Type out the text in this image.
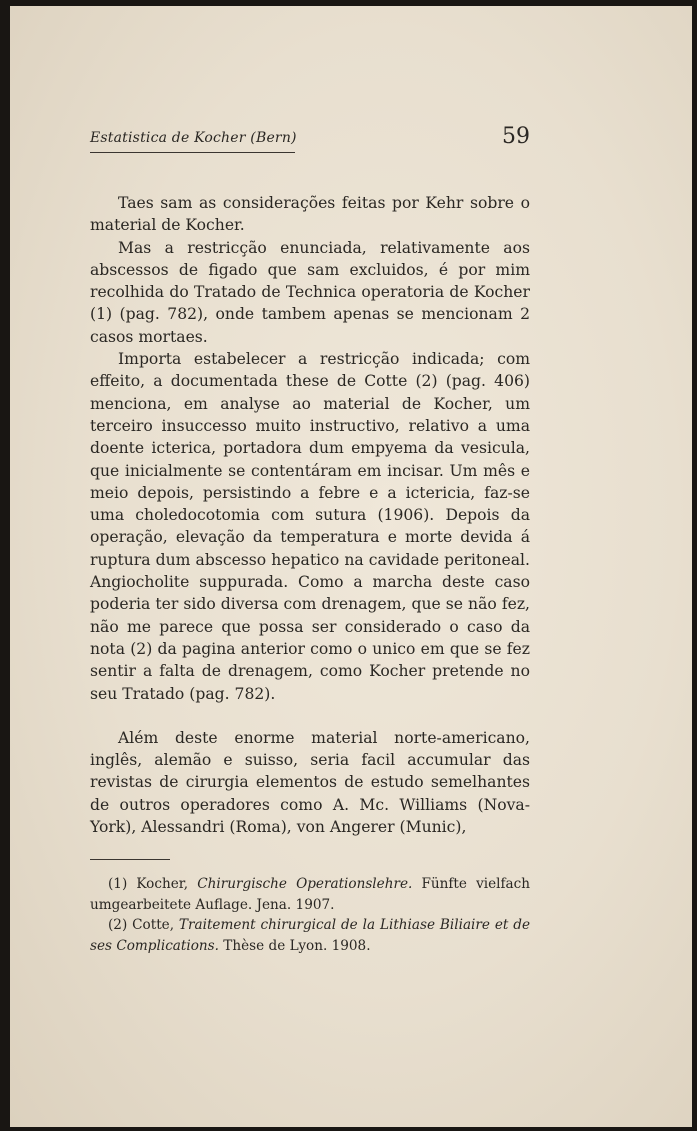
Estatistica de Kocher (Bern)	59

Taes sam as considerações feitas por Kehr sobre o material de Kocher.

Mas a restricção enunciada, relativamente aos abscessos de figado que sam excluidos, é por mim recolhida do Tratado de Technica operatoria de Kocher (1) (pag. 782), onde tambem apenas se mencionam 2 casos mortaes.

Importa estabelecer a restricção indicada; com effeito, a documentada these de Cotte (2) (pag. 406) menciona, em analyse ao material de Kocher, um terceiro insuccesso muito instructivo, relativo a uma doente icterica, portadora dum empyema da vesicula, que inicialmente se contentáram em incisar. Um mês e meio depois, persistindo a febre e a ictericia, faz-se uma choledocotomia com sutura (1906). Depois da operação, elevação da temperatura e morte devida á ruptura dum abscesso hepatico na cavidade peritoneal. Angiocholite suppurada. Como a marcha deste caso poderia ter sido diversa com drenagem, que se não fez, não me parece que possa ser considerado o caso da nota (2) da pagina anterior como o unico em que se fez sentir a falta de drenagem, como Kocher pretende no seu Tratado (pag. 782).

Além deste enorme material norte-americano, inglês, alemão e suisso, seria facil accumular das revistas de cirurgia elementos de estudo semelhantes de outros operadores como A. Mc. Williams (Nova-York), Alessandri (Roma), von Angerer (Munic),

(1) Kocher, Chirurgische Operationslehre. Fünfte vielfach umgearbeitete Auflage. Jena. 1907.

(2) Cotte, Traitement chirurgical de la Lithiase Biliaire et de ses Complications. Thèse de Lyon. 1908.
